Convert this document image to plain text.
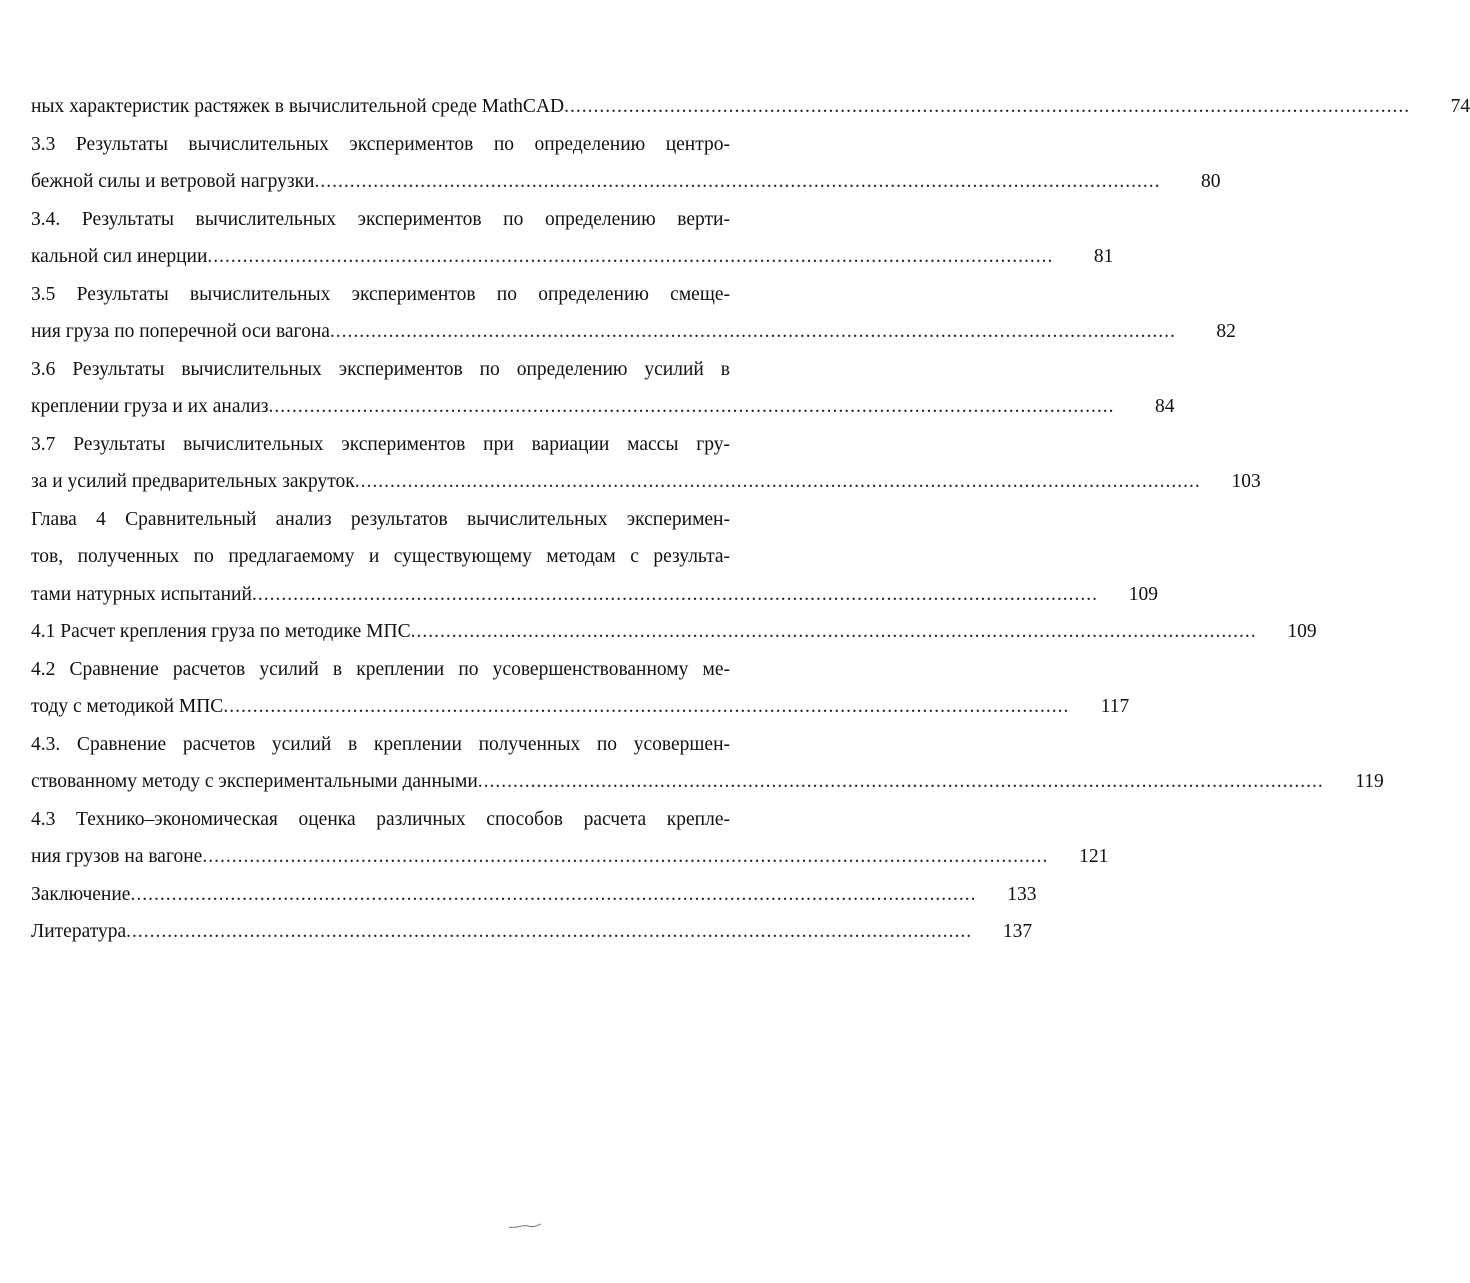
ных характеристик растяжек в вычислительной среде MathCAD .....	74
3.3 Результаты вычислительных экспериментов по определению центро-
бежной силы и ветровой нагрузки .....	80
3.4. Результаты вычислительных экспериментов по определению верти-
кальной сил инерции .....	81
3.5 Результаты вычислительных экспериментов по определению смеще-
ния груза по поперечной оси вагона .....	82
3.6 Результаты вычислительных экспериментов по определению усилий в
креплении груза и их анализ .....	84
3.7 Результаты вычислительных экспериментов при вариации массы гру-
за и усилий предварительных закруток .....	103
Глава 4 Сравнительный анализ результатов вычислительных эксперимен-
тов, полученных по предлагаемому и существующему методам с результа-
тами натурных испытаний .....	109
4.1 Расчет крепления груза по методике МПС .....	109
4.2 Сравнение расчетов усилий в креплении по усовершенствованному ме-
тоду с методикой МПС .....	117
4.3. Сравнение расчетов усилий в креплении полученных по усовершен-
ствованному методу с экспериментальными данными .....	119
4.3 Технико–экономическая оценка различных способов расчета крепле-
ния грузов на вагоне .....	121
Заключение .....	133
Литература .....	137
